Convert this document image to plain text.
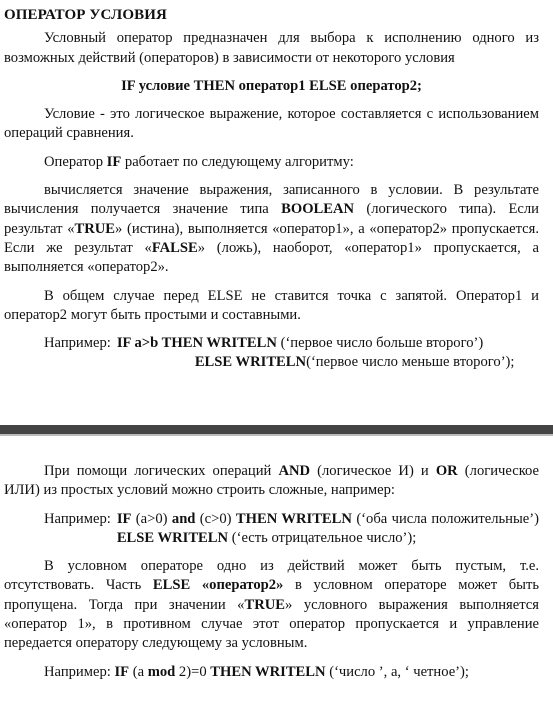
ОПЕРАТОР УСЛОВИЯ

Условный оператор предназначен для выбора к исполнению одного из возможных действий (операторов) в зависимости от некоторого условия

IF условие THEN оператор1 ELSE оператор2;

Условие - это логическое выражение, которое составляется с использованием операций сравнения.

Оператор IF работает по следующему алгоритму:

вычисляется значение выражения, записанного в условии. В результате вычисления получается значение типа BOOLEAN (логического типа). Если результат «TRUE» (истина), выполняется «оператор1», а «оператор2» пропускается. Если же результат «FALSE» (ложь), наоборот, «оператор1» пропускается, а выполняется «оператор2».

В общем случае перед ELSE не ставится точка с запятой. Оператор1 и оператор2 могут быть простыми и составными.

Например: IF a>b THEN WRITELN (‘первое число больше второго’)
ELSE WRITELN(‘первое число меньше второго’);

При помощи логических операций AND (логическое И) и OR (логическое ИЛИ) из простых условий можно строить сложные, например:

Например: IF (a>0) and (c>0) THEN WRITELN (‘оба числа положительные’) ELSE WRITELN (‘есть отрицательное число’);

В условном операторе одно из действий может быть пустым, т.е. отсутствовать. Часть ELSE «оператор2» в условном операторе может быть пропущена. Тогда при значении «TRUE» условного выражения выполняется «оператор 1», в противном случае этот оператор пропускается и управление передается оператору следующему за условным.

Например: IF (a mod 2)=0 THEN WRITELN (‘число ’, a, ‘ четное’);
